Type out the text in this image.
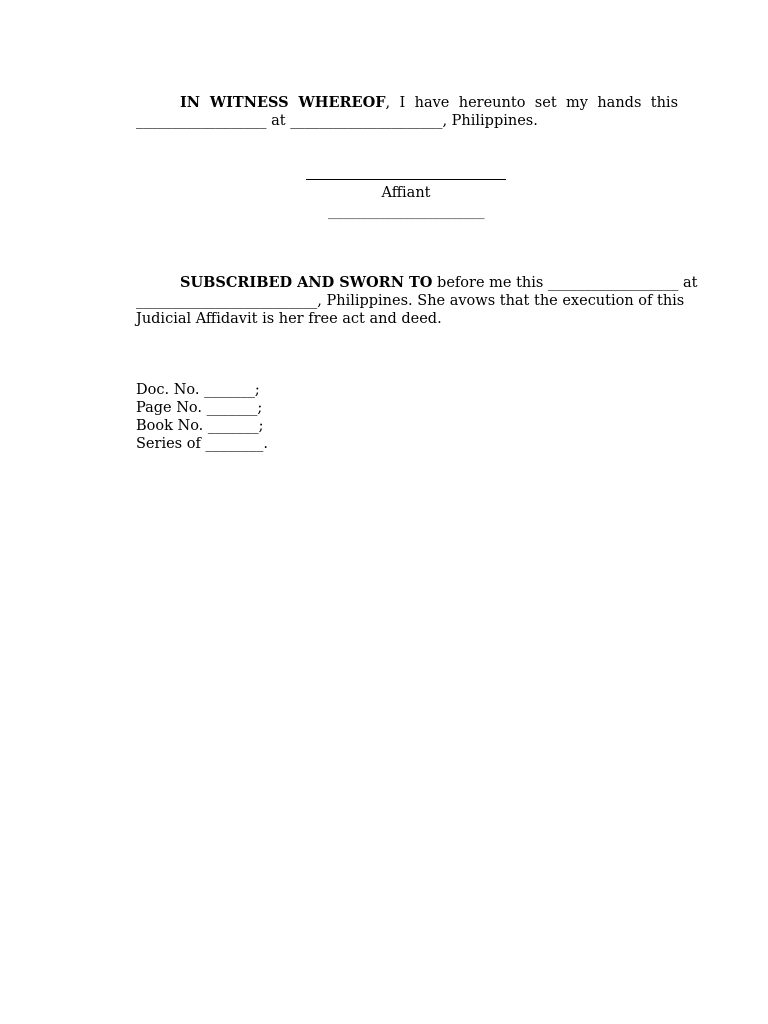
IN WITNESS WHEREOF, I have hereunto set my hands this
__________________ at _____________________, Philippines.

Affiant
__________________________

SUBSCRIBED AND SWORN TO before me this __________________ at
_________________________, Philippines. She avows that the execution of this
Judicial Affidavit is her free act and deed.

Doc. No. _______;
Page No. _______;
Book No. _______;
Series of ________.
